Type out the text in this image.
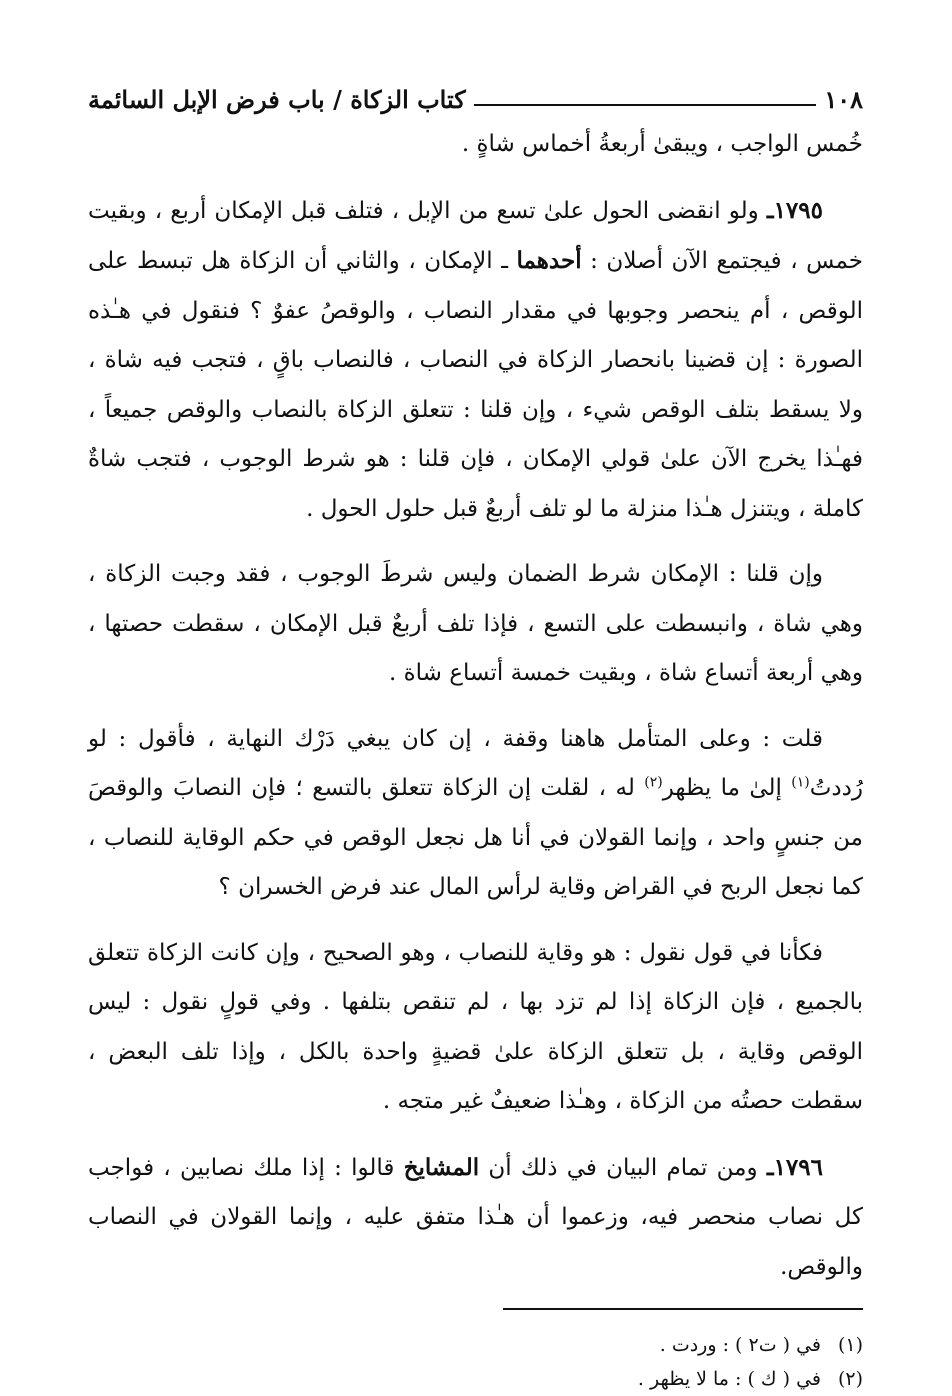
١٠٨
كتاب الزكاة / باب فرض الإبل السائمة

خُمس الواجب ، ويبقىٰ أربعةُ أخماس شاةٍ .

١٧٩٥ـ ولو انقضى الحول علىٰ تسع من الإبل ، فتلف قبل الإمكان أربع ، وبقيت خمس ، فيجتمع الآن أصلان : أحدهما ـ الإمكان ، والثاني أن الزكاة هل تبسط على الوقص ، أم ينحصر وجوبها في مقدار النصاب ، والوقصُ عفوٌ ؟ فنقول في هـٰذه الصورة : إن قضينا بانحصار الزكاة في النصاب ، فالنصاب باقٍ ، فتجب فيه شاة ، ولا يسقط بتلف الوقص شيء ، وإن قلنا : تتعلق الزكاة بالنصاب والوقص جميعاً ، فهـٰذا يخرج الآن علىٰ قولي الإمكان ، فإن قلنا : هو شرط الوجوب ، فتجب شاةٌ كاملة ، ويتنزل هـٰذا منزلة ما لو تلف أربعٌ قبل حلول الحول .

وإن قلنا : الإمكان شرط الضمان وليس شرطَ الوجوب ، فقد وجبت الزكاة ، وهي شاة ، وانبسطت على التسع ، فإذا تلف أربعٌ قبل الإمكان ، سقطت حصتها ، وهي أربعة أتساع شاة ، وبقيت خمسة أتساع شاة .

قلت : وعلى المتأمل هاهنا وقفة ، إن كان يبغي دَرْك النهاية ، فأقول : لو رُددتُ$^{(١)}$ إلىٰ ما يظهر$^{(٢)}$ له ، لقلت إن الزكاة تتعلق بالتسع ؛ فإن النصابَ والوقصَ من جنسٍ واحد ، وإنما القولان في أنا هل نجعل الوقص في حكم الوقاية للنصاب ، كما نجعل الربح في القراض وقاية لرأس المال عند فرض الخسران ؟

فكأنا في قول نقول : هو وقاية للنصاب ، وهو الصحيح ، وإن كانت الزكاة تتعلق بالجميع ، فإن الزكاة إذا لم تزد بها ، لم تنقص بتلفها . وفي قولٍ نقول : ليس الوقص وقاية ، بل تتعلق الزكاة علىٰ قضيةٍ واحدة بالكل ، وإذا تلف البعض ، سقطت حصتُه من الزكاة ، وهـٰذا ضعيفٌ غير متجه .

١٧٩٦ـ ومن تمام البيان في ذلك أن المشايخ قالوا : إذا ملك نصابين ، فواجب كل نصاب منحصر فيه، وزعموا أن هـٰذا متفق عليه ، وإنما القولان في النصاب والوقص.

(١)
في ( ت٢ ) : وردت .
(٢)
في ( ك ) : ما لا يظهر .
